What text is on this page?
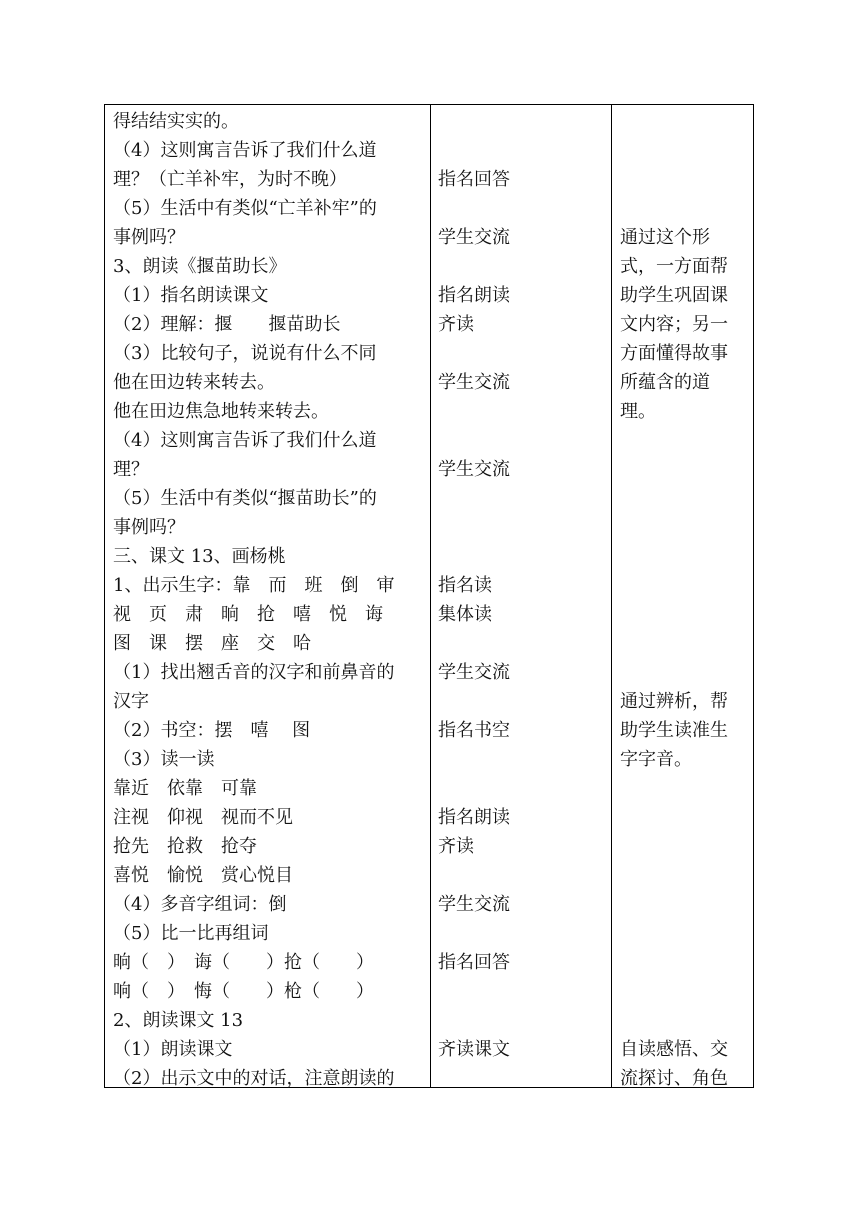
得结结实实的。
（4）这则寓言告诉了我们什么道
理？（亡羊补牢，为时不晚）
（5）生活中有类似“亡羊补牢”的
事例吗？
3、朗读《揠苗助长》
（1）指名朗读课文
（2）理解：揠　　揠苗助长
（3）比较句子，说说有什么不同
他在田边转来转去。
他在田边焦急地转来转去。
（4）这则寓言告诉了我们什么道
理？
（5）生活中有类似“揠苗助长”的
事例吗？
三、课文 13、画杨桃
1、出示生字：靠　而　班　倒　审
视　页　肃　晌　抢　嘻　悦　诲
图　课　摆　座　交　哈
（1）找出翘舌音的汉字和前鼻音的
汉字
（2）书空：摆　嘻　 图
（3）读一读
靠近　依靠　可靠
注视　仰视　视而不见
抢先　抢救　抢夺
喜悦　愉悦　赏心悦目
（4）多音字组词：倒
（5）比一比再组词
晌（　）　诲（　　）抢（　　）
响（　）　悔（　　）枪（　　）
2、朗读课文 13
（1）朗读课文
（2）出示文中的对话，注意朗读的
指名回答
学生交流
指名朗读
齐读
学生交流
学生交流
指名读
集体读
学生交流
指名书空
指名朗读
齐读
学生交流
指名回答
齐读课文
通过这个形
式，一方面帮
助学生巩固课
文内容；另一
方面懂得故事
所蕴含的道
理。
通过辨析，帮
助学生读准生
字字音。
自读感悟、交
流探讨、角色
